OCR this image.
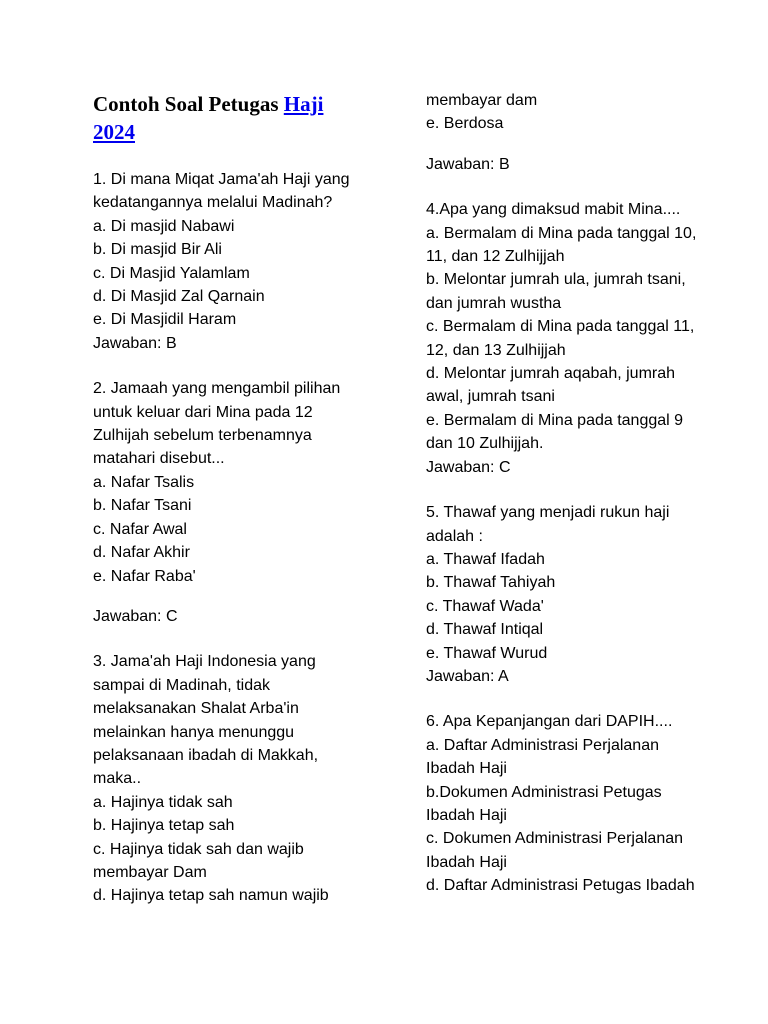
Contoh Soal Petugas Haji
2024
1. Di mana Miqat Jama'ah Haji yang
kedatangannya melalui Madinah?
a. Di masjid Nabawi
b. Di masjid Bir Ali
c. Di Masjid Yalamlam
d. Di Masjid Zal Qarnain
e. Di Masjidil Haram
Jawaban: B
2. Jamaah yang mengambil pilihan
untuk keluar dari Mina pada 12
Zulhijah sebelum terbenamnya
matahari disebut...
a. Nafar Tsalis
b. Nafar Tsani
c. Nafar Awal
d. Nafar Akhir
e. Nafar Raba'
Jawaban: C
3. Jama'ah Haji Indonesia yang
sampai di Madinah, tidak
melaksanakan Shalat Arba'in
melainkan hanya menunggu
pelaksanaan ibadah di Makkah,
maka..
a. Hajinya tidak sah
b. Hajinya tetap sah
c. Hajinya tidak sah dan wajib
membayar Dam
d. Hajinya tetap sah namun wajib
membayar dam
e. Berdosa
Jawaban: B
4.Apa yang dimaksud mabit Mina....
a. Bermalam di Mina pada tanggal 10,
11, dan 12 Zulhijjah
b. Melontar jumrah ula, jumrah tsani,
dan jumrah wustha
c. Bermalam di Mina pada tanggal 11,
12, dan 13 Zulhijjah
d. Melontar jumrah aqabah, jumrah
awal, jumrah tsani
e. Bermalam di Mina pada tanggal 9
dan 10 Zulhijjah.
Jawaban: C
5. Thawaf yang menjadi rukun haji
adalah :
a. Thawaf Ifadah
b. Thawaf Tahiyah
c. Thawaf Wada'
d. Thawaf Intiqal
e. Thawaf Wurud
Jawaban: A
6. Apa Kepanjangan dari DAPIH....
a. Daftar Administrasi Perjalanan
Ibadah Haji
b.Dokumen Administrasi Petugas
Ibadah Haji
c. Dokumen Administrasi Perjalanan
Ibadah Haji
d. Daftar Administrasi Petugas Ibadah
